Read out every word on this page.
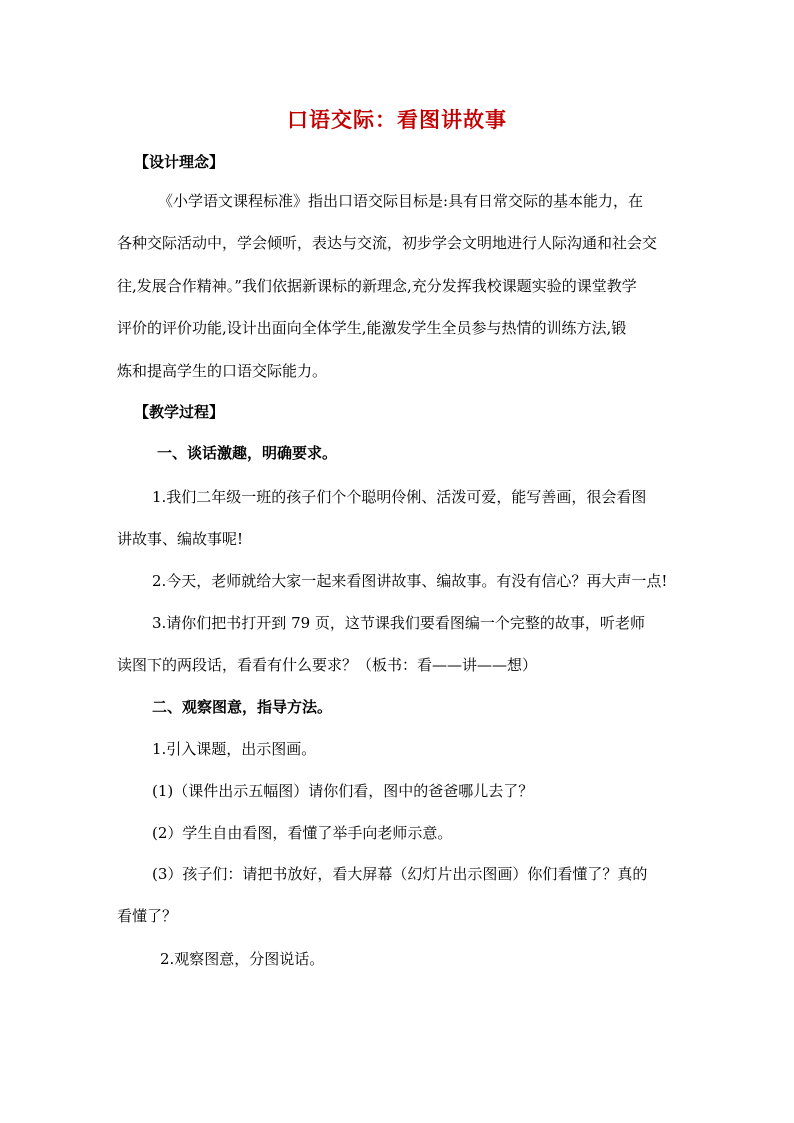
口语交际：看图讲故事
【设计理念】
《小学语文课程标准》指出口语交际目标是:具有日常交际的基本能力，在
各种交际活动中，学会倾听，表达与交流，初步学会文明地进行人际沟通和社会交
往,发展合作精神。”我们依据新课标的新理念,充分发挥我校课题实验的课堂教学
评价的评价功能,设计出面向全体学生,能激发学生全员参与热情的训练方法,锻
炼和提高学生的口语交际能力。
【教学过程】
一、谈话激趣，明确要求。
1.我们二年级一班的孩子们个个聪明伶俐、活泼可爱，能写善画，很会看图
讲故事、编故事呢!
2.今天，老师就给大家一起来看图讲故事、编故事。有没有信心？再大声一点!
3.请你们把书打开到 79 页，这节课我们要看图编一个完整的故事，听老师
读图下的两段话，看看有什么要求？（板书：看——讲——想）
二、观察图意，指导方法。
1.引入课题，出示图画。
(1)（课件出示五幅图）请你们看，图中的爸爸哪儿去了？
(2）学生自由看图，看懂了举手向老师示意。
(3）孩子们：请把书放好，看大屏幕（幻灯片出示图画）你们看懂了？真的
看懂了？
2.观察图意，分图说话。
